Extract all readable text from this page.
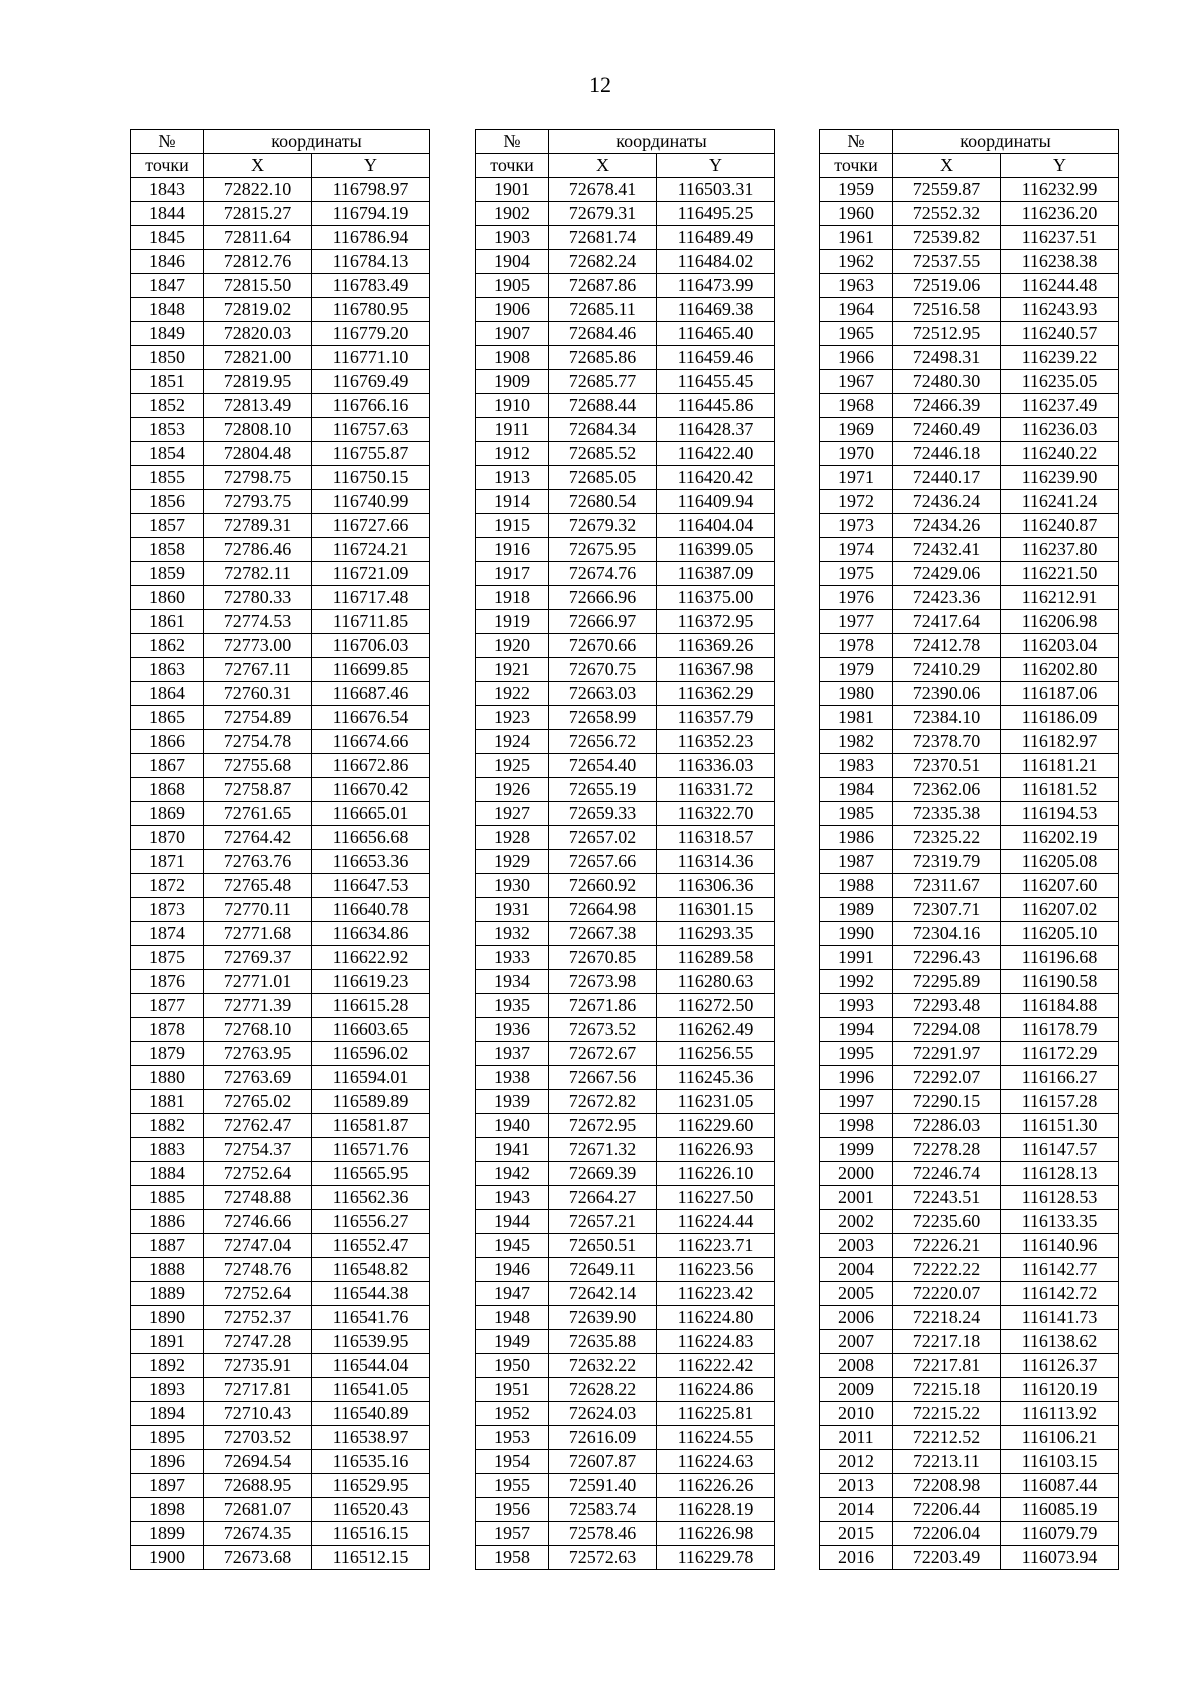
12
№	координаты	
точки	X	Y
1843	72822.10	116798.97
1844	72815.27	116794.19
1845	72811.64	116786.94
1846	72812.76	116784.13
1847	72815.50	116783.49
1848	72819.02	116780.95
1849	72820.03	116779.20
1850	72821.00	116771.10
1851	72819.95	116769.49
1852	72813.49	116766.16
1853	72808.10	116757.63
1854	72804.48	116755.87
1855	72798.75	116750.15
1856	72793.75	116740.99
1857	72789.31	116727.66
1858	72786.46	116724.21
1859	72782.11	116721.09
1860	72780.33	116717.48
1861	72774.53	116711.85
1862	72773.00	116706.03
1863	72767.11	116699.85
1864	72760.31	116687.46
1865	72754.89	116676.54
1866	72754.78	116674.66
1867	72755.68	116672.86
1868	72758.87	116670.42
1869	72761.65	116665.01
1870	72764.42	116656.68
1871	72763.76	116653.36
1872	72765.48	116647.53
1873	72770.11	116640.78
1874	72771.68	116634.86
1875	72769.37	116622.92
1876	72771.01	116619.23
1877	72771.39	116615.28
1878	72768.10	116603.65
1879	72763.95	116596.02
1880	72763.69	116594.01
1881	72765.02	116589.89
1882	72762.47	116581.87
1883	72754.37	116571.76
1884	72752.64	116565.95
1885	72748.88	116562.36
1886	72746.66	116556.27
1887	72747.04	116552.47
1888	72748.76	116548.82
1889	72752.64	116544.38
1890	72752.37	116541.76
1891	72747.28	116539.95
1892	72735.91	116544.04
1893	72717.81	116541.05
1894	72710.43	116540.89
1895	72703.52	116538.97
1896	72694.54	116535.16
1897	72688.95	116529.95
1898	72681.07	116520.43
1899	72674.35	116516.15
1900	72673.68	116512.15
№	координаты	
точки	X	Y
1901	72678.41	116503.31
1902	72679.31	116495.25
1903	72681.74	116489.49
1904	72682.24	116484.02
1905	72687.86	116473.99
1906	72685.11	116469.38
1907	72684.46	116465.40
1908	72685.86	116459.46
1909	72685.77	116455.45
1910	72688.44	116445.86
1911	72684.34	116428.37
1912	72685.52	116422.40
1913	72685.05	116420.42
1914	72680.54	116409.94
1915	72679.32	116404.04
1916	72675.95	116399.05
1917	72674.76	116387.09
1918	72666.96	116375.00
1919	72666.97	116372.95
1920	72670.66	116369.26
1921	72670.75	116367.98
1922	72663.03	116362.29
1923	72658.99	116357.79
1924	72656.72	116352.23
1925	72654.40	116336.03
1926	72655.19	116331.72
1927	72659.33	116322.70
1928	72657.02	116318.57
1929	72657.66	116314.36
1930	72660.92	116306.36
1931	72664.98	116301.15
1932	72667.38	116293.35
1933	72670.85	116289.58
1934	72673.98	116280.63
1935	72671.86	116272.50
1936	72673.52	116262.49
1937	72672.67	116256.55
1938	72667.56	116245.36
1939	72672.82	116231.05
1940	72672.95	116229.60
1941	72671.32	116226.93
1942	72669.39	116226.10
1943	72664.27	116227.50
1944	72657.21	116224.44
1945	72650.51	116223.71
1946	72649.11	116223.56
1947	72642.14	116223.42
1948	72639.90	116224.80
1949	72635.88	116224.83
1950	72632.22	116222.42
1951	72628.22	116224.86
1952	72624.03	116225.81
1953	72616.09	116224.55
1954	72607.87	116224.63
1955	72591.40	116226.26
1956	72583.74	116228.19
1957	72578.46	116226.98
1958	72572.63	116229.78
№	координаты	
точки	X	Y
1959	72559.87	116232.99
1960	72552.32	116236.20
1961	72539.82	116237.51
1962	72537.55	116238.38
1963	72519.06	116244.48
1964	72516.58	116243.93
1965	72512.95	116240.57
1966	72498.31	116239.22
1967	72480.30	116235.05
1968	72466.39	116237.49
1969	72460.49	116236.03
1970	72446.18	116240.22
1971	72440.17	116239.90
1972	72436.24	116241.24
1973	72434.26	116240.87
1974	72432.41	116237.80
1975	72429.06	116221.50
1976	72423.36	116212.91
1977	72417.64	116206.98
1978	72412.78	116203.04
1979	72410.29	116202.80
1980	72390.06	116187.06
1981	72384.10	116186.09
1982	72378.70	116182.97
1983	72370.51	116181.21
1984	72362.06	116181.52
1985	72335.38	116194.53
1986	72325.22	116202.19
1987	72319.79	116205.08
1988	72311.67	116207.60
1989	72307.71	116207.02
1990	72304.16	116205.10
1991	72296.43	116196.68
1992	72295.89	116190.58
1993	72293.48	116184.88
1994	72294.08	116178.79
1995	72291.97	116172.29
1996	72292.07	116166.27
1997	72290.15	116157.28
1998	72286.03	116151.30
1999	72278.28	116147.57
2000	72246.74	116128.13
2001	72243.51	116128.53
2002	72235.60	116133.35
2003	72226.21	116140.96
2004	72222.22	116142.77
2005	72220.07	116142.72
2006	72218.24	116141.73
2007	72217.18	116138.62
2008	72217.81	116126.37
2009	72215.18	116120.19
2010	72215.22	116113.92
2011	72212.52	116106.21
2012	72213.11	116103.15
2013	72208.98	116087.44
2014	72206.44	116085.19
2015	72206.04	116079.79
2016	72203.49	116073.94
